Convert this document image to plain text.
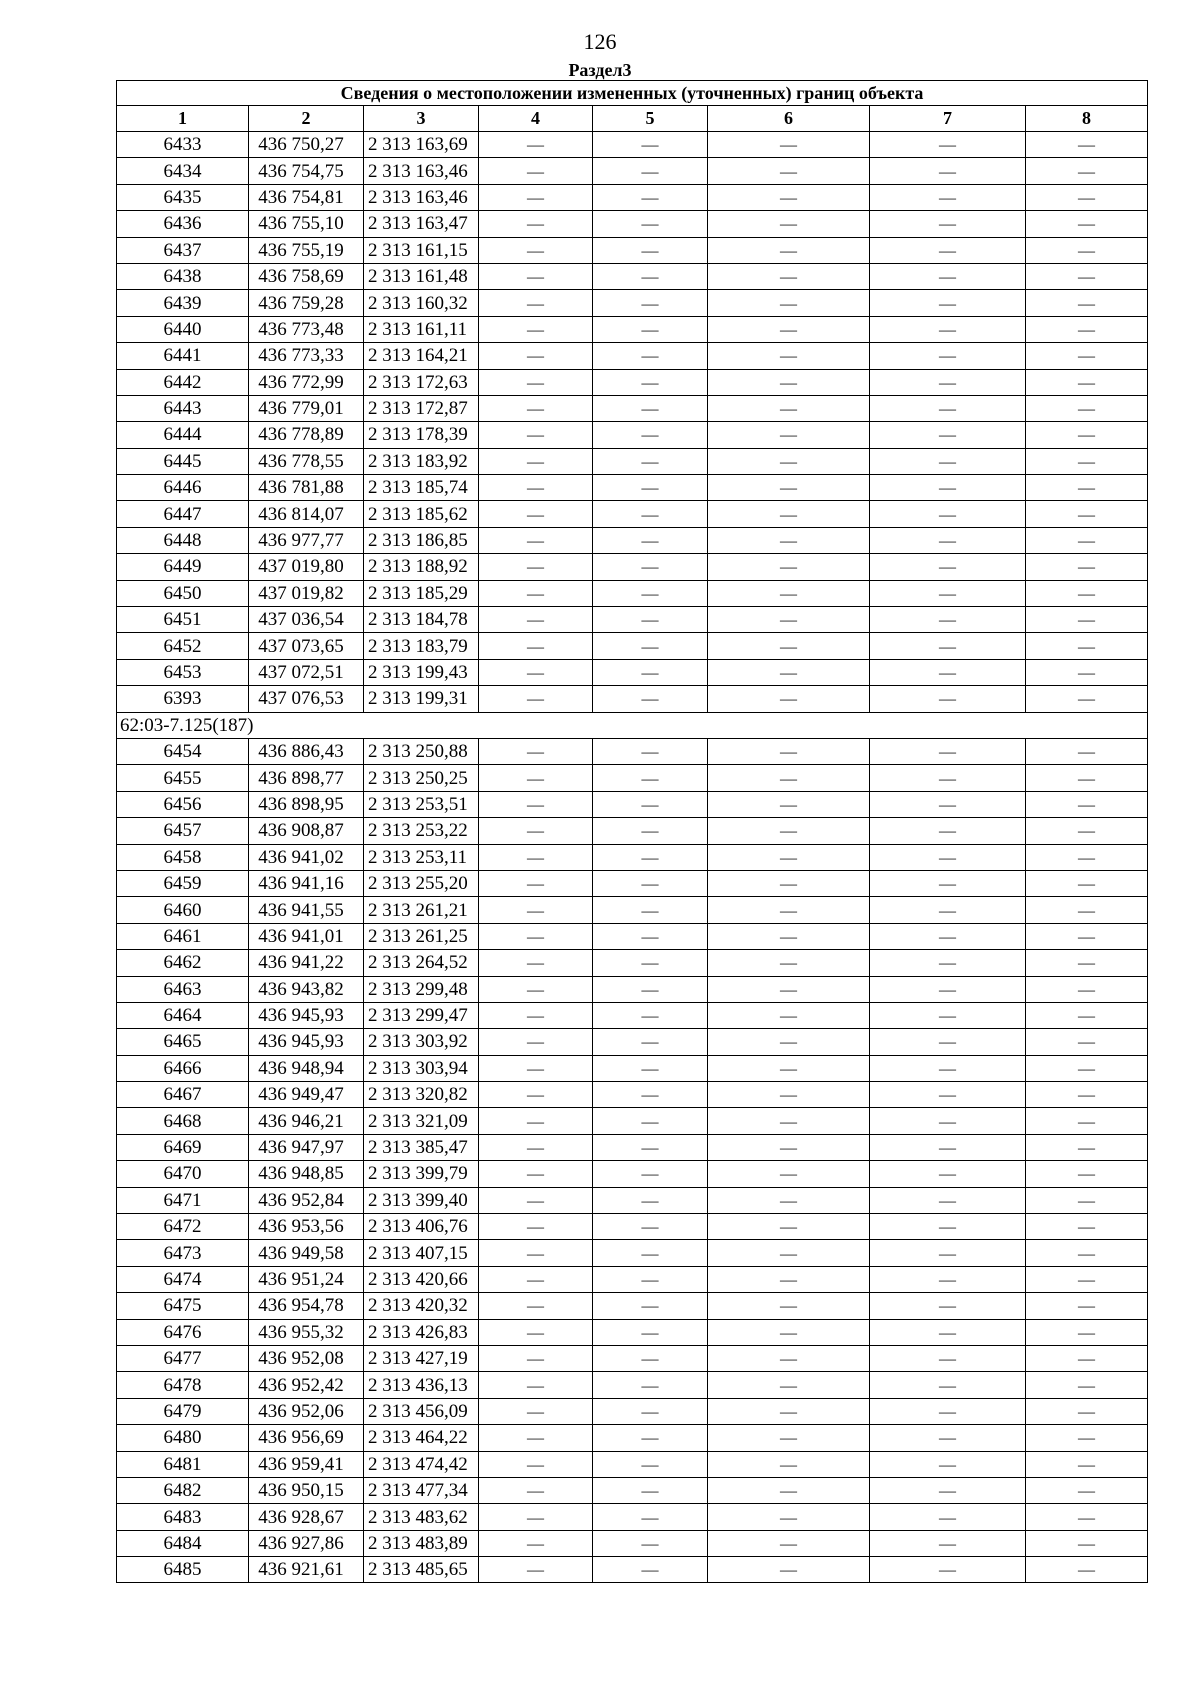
126
Раздел3
Сведения о местоположении измененных (уточненных) границ объекта							
1	2	3	4	5	6	7	8
6433	436 750,27	2 313 163,69	—	—	—	—	—
6434	436 754,75	2 313 163,46	—	—	—	—	—
6435	436 754,81	2 313 163,46	—	—	—	—	—
6436	436 755,10	2 313 163,47	—	—	—	—	—
6437	436 755,19	2 313 161,15	—	—	—	—	—
6438	436 758,69	2 313 161,48	—	—	—	—	—
6439	436 759,28	2 313 160,32	—	—	—	—	—
6440	436 773,48	2 313 161,11	—	—	—	—	—
6441	436 773,33	2 313 164,21	—	—	—	—	—
6442	436 772,99	2 313 172,63	—	—	—	—	—
6443	436 779,01	2 313 172,87	—	—	—	—	—
6444	436 778,89	2 313 178,39	—	—	—	—	—
6445	436 778,55	2 313 183,92	—	—	—	—	—
6446	436 781,88	2 313 185,74	—	—	—	—	—
6447	436 814,07	2 313 185,62	—	—	—	—	—
6448	436 977,77	2 313 186,85	—	—	—	—	—
6449	437 019,80	2 313 188,92	—	—	—	—	—
6450	437 019,82	2 313 185,29	—	—	—	—	—
6451	437 036,54	2 313 184,78	—	—	—	—	—
6452	437 073,65	2 313 183,79	—	—	—	—	—
6453	437 072,51	2 313 199,43	—	—	—	—	—
6393	437 076,53	2 313 199,31	—	—	—	—	—
62:03-7.125(187)							
6454	436 886,43	2 313 250,88	—	—	—	—	—
6455	436 898,77	2 313 250,25	—	—	—	—	—
6456	436 898,95	2 313 253,51	—	—	—	—	—
6457	436 908,87	2 313 253,22	—	—	—	—	—
6458	436 941,02	2 313 253,11	—	—	—	—	—
6459	436 941,16	2 313 255,20	—	—	—	—	—
6460	436 941,55	2 313 261,21	—	—	—	—	—
6461	436 941,01	2 313 261,25	—	—	—	—	—
6462	436 941,22	2 313 264,52	—	—	—	—	—
6463	436 943,82	2 313 299,48	—	—	—	—	—
6464	436 945,93	2 313 299,47	—	—	—	—	—
6465	436 945,93	2 313 303,92	—	—	—	—	—
6466	436 948,94	2 313 303,94	—	—	—	—	—
6467	436 949,47	2 313 320,82	—	—	—	—	—
6468	436 946,21	2 313 321,09	—	—	—	—	—
6469	436 947,97	2 313 385,47	—	—	—	—	—
6470	436 948,85	2 313 399,79	—	—	—	—	—
6471	436 952,84	2 313 399,40	—	—	—	—	—
6472	436 953,56	2 313 406,76	—	—	—	—	—
6473	436 949,58	2 313 407,15	—	—	—	—	—
6474	436 951,24	2 313 420,66	—	—	—	—	—
6475	436 954,78	2 313 420,32	—	—	—	—	—
6476	436 955,32	2 313 426,83	—	—	—	—	—
6477	436 952,08	2 313 427,19	—	—	—	—	—
6478	436 952,42	2 313 436,13	—	—	—	—	—
6479	436 952,06	2 313 456,09	—	—	—	—	—
6480	436 956,69	2 313 464,22	—	—	—	—	—
6481	436 959,41	2 313 474,42	—	—	—	—	—
6482	436 950,15	2 313 477,34	—	—	—	—	—
6483	436 928,67	2 313 483,62	—	—	—	—	—
6484	436 927,86	2 313 483,89	—	—	—	—	—
6485	436 921,61	2 313 485,65	—	—	—	—	—
